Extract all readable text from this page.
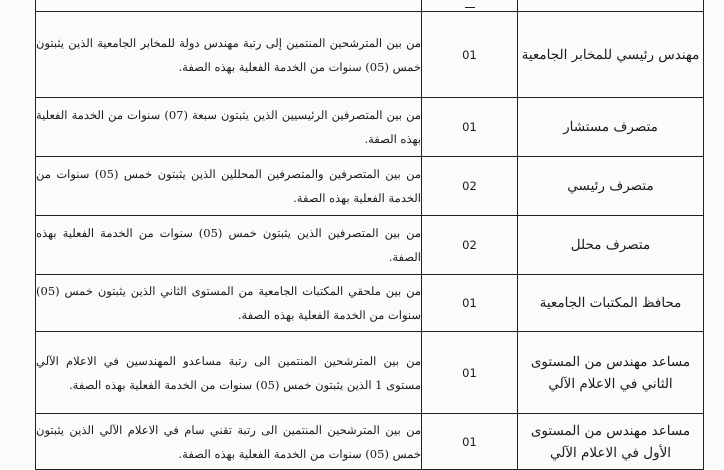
مهندس رئيسي للمخابر الجامعية	01	من بين المترشحين المنتمين إلى رتبة مهندس دولة للمخابر الجامعية الذين يثبتون خمس (05) سنوات من الخدمة الفعلية بهذه الصفة.
متصرف مستشار	01	من بين المتصرفين الرئيسيين الذين يثبتون سبعة (07) سنوات من الخدمة الفعلية بهذه الصفة.
متصرف رئيسي	02	من بين المتصرفين والمتصرفين المحللين الذين يثبتون خمس (05) سنوات من الخدمة الفعلية بهذه الصفة.
متصرف محلل	02	من بين المتصرفين الذين يثبتون خمس (05) سنوات من الخدمة الفعلية بهذه الصفة.
محافظ المكتبات الجامعية	01	من بين ملحقي المكتبات الجامعية من المستوى الثاني الذين يثبتون خمس (05) سنوات من الخدمة الفعلية بهذه الصفة.
مساعد مهندس من المستوى الثاني في الاعلام الآلي	01	من بين المترشحين المنتمين الى رتبة مساعدو المهندسين في الاعلام الآلي مستوى 1 الذين يثبتون خمس (05) سنوات من الخدمة الفعلية بهذه الصفة.
مساعد مهندس من المستوى الأول في الاعلام الآلي	01	من بين المترشحين المنتمين الى رتبة تقني سام في الاعلام الآلي الذين يثبتون خمس (05) سنوات من الخدمة الفعلية بهذه الصفة.
